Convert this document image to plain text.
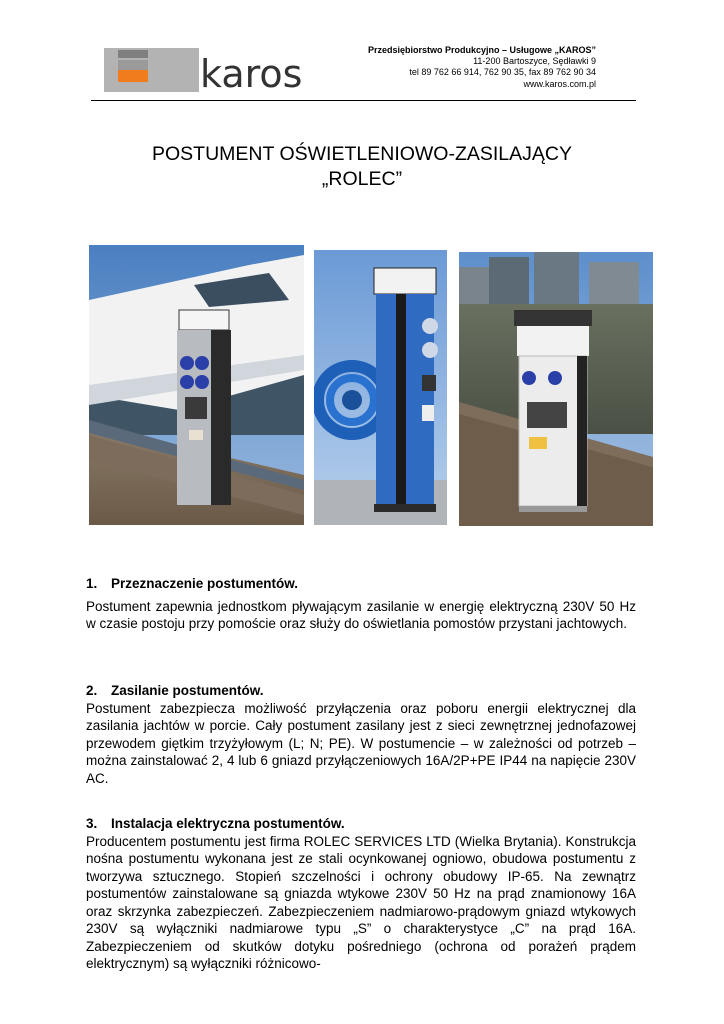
karos
Przedsiębiorstwo Produkcyjno – Usługowe „KAROS”
11-200 Bartoszyce, Sędławki 9
tel 89 762 66 914, 762 90 35, fax 89 762 90 34
www.karos.com.pl
POSTUMENT OŚWIETLENIOWO-ZASILAJĄCY
„ROLEC”
1. Przeznaczenie postumentów.

Postument zapewnia jednostkom pływającym zasilanie w energię elektryczną 230V 50 Hz w czasie postoju przy pomoście oraz służy do oświetlania pomostów przystani jachtowych.

2. Zasilanie postumentów.

Postument zabezpiecza możliwość przyłączenia oraz poboru energii elektrycznej dla zasilania jachtów w porcie. Cały postument zasilany jest z sieci zewnętrznej jednofazowej przewodem giętkim trzyżyłowym (L; N; PE). W postumencie – w zależności od potrzeb – można zainstalować 2, 4 lub 6 gniazd przyłączeniowych 16A/2P+PE IP44 na napięcie 230V AC.

3. Instalacja elektryczna postumentów.

Producentem postumentu jest firma ROLEC SERVICES LTD (Wielka Brytania). Konstrukcja nośna postumentu wykonana jest ze stali ocynkowanej ogniowo, obudowa postumentu z tworzywa sztucznego. Stopień szczelności i ochrony obudowy IP-65. Na zewnątrz postumentów zainstalowane są gniazda wtykowe 230V 50 Hz na prąd znamionowy 16A oraz skrzynka zabezpieczeń. Zabezpieczeniem nadmiarowo-prądowym gniazd wtykowych 230V są wyłączniki nadmiarowe typu „S” o charakterystyce „C” na prąd 16A. Zabezpieczeniem od skutków dotyku pośredniego (ochrona od porażeń prądem elektrycznym) są wyłączniki różnicowo-
